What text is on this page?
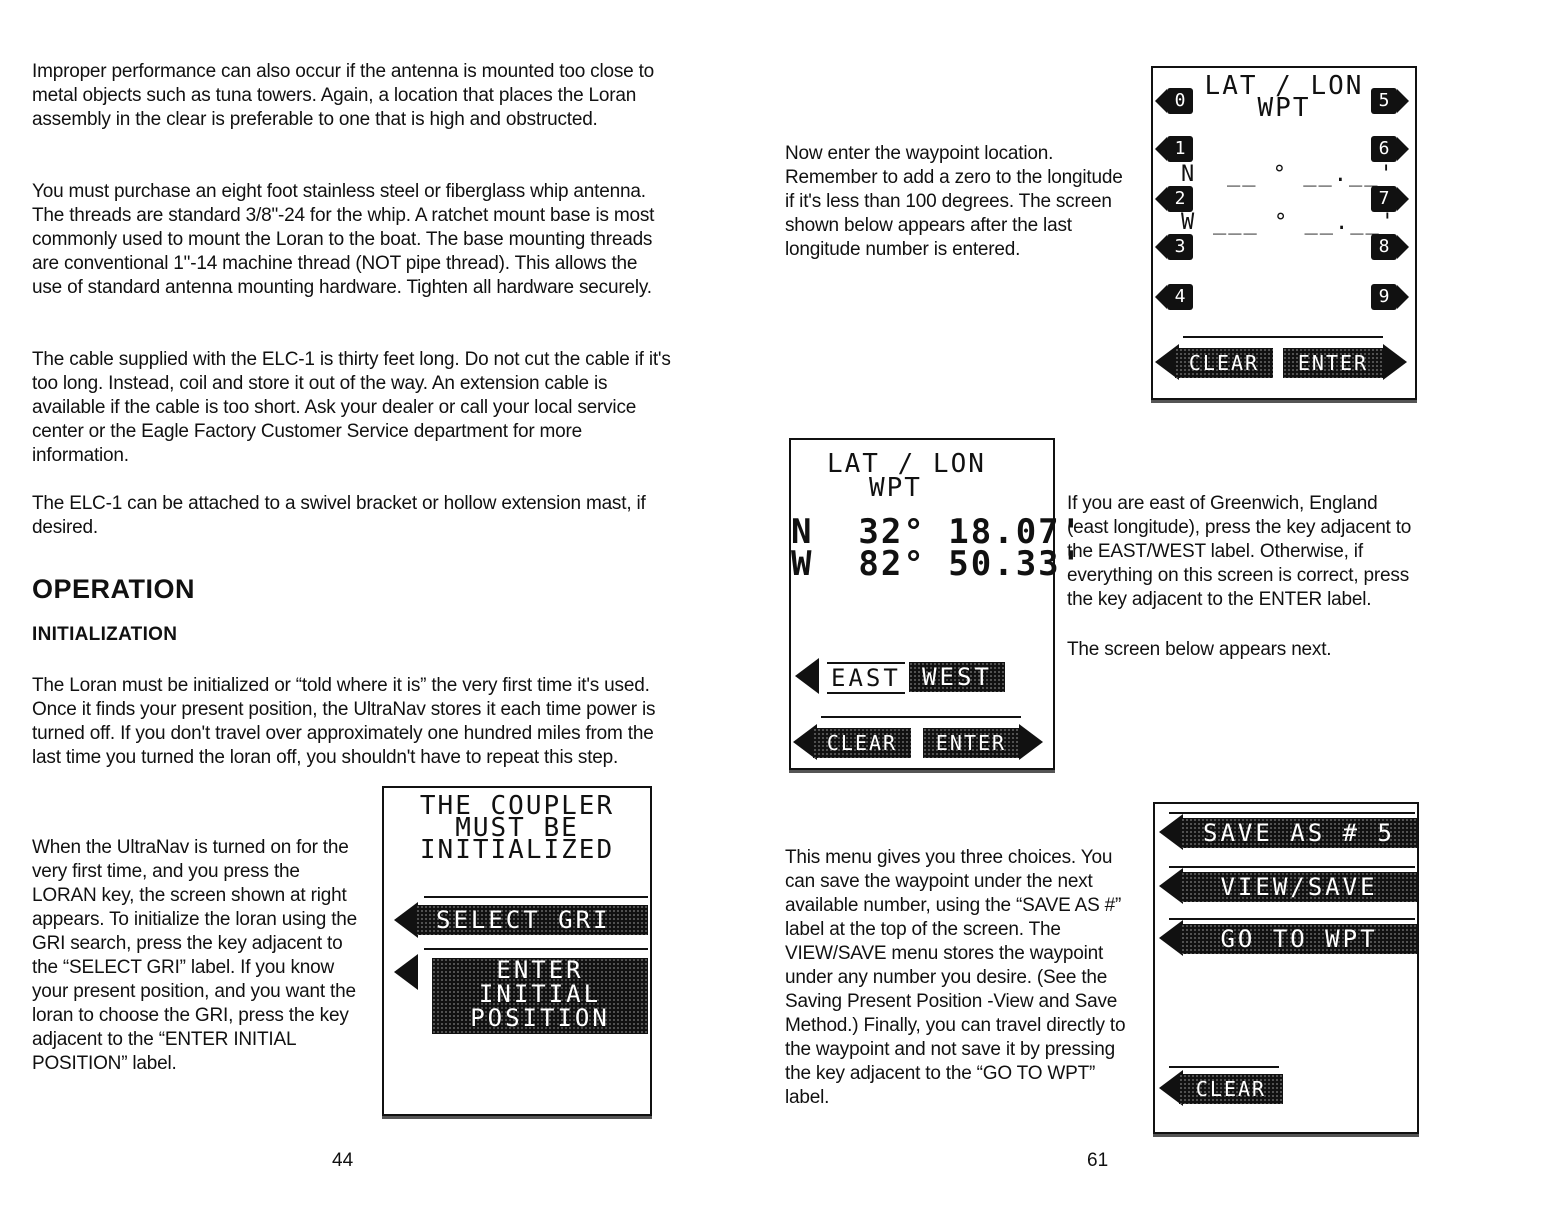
Improper performance can also occur if the antenna is mounted too close to metal objects such as tuna towers. Again, a location that places the Loran assembly in the clear is preferable to one that is high and obstructed.

You must purchase an eight foot stainless steel or fiberglass whip antenna. The threads are standard 3/8"-24 for the whip. A ratchet mount base is most commonly used to mount the Loran to the boat. The base mounting threads are conventional 1"-14 machine thread (NOT pipe thread). This allows the use of standard antenna mounting hardware. Tighten all hardware securely.

The cable supplied with the ELC-1 is thirty feet long. Do not cut the cable if it's too long. Instead, coil and store it out of the way. An extension cable is available if the cable is too short. Ask your dealer or call your local service center or the Eagle Factory Customer Service department for more information.

The ELC-1 can be attached to a swivel bracket or hollow extension mast, if desired.

OPERATION
INITIALIZATION

The Loran must be initialized or “told where it is” the very first time it's used. Once it finds your present position, the UltraNav stores it each time power is turned off. If you don't travel over approximately one hundred miles from the last time you turned the loran off, you shouldn't have to repeat this step.

When the UltraNav is turned on for the very first time, and you press the LORAN key, the screen shown at right appears. To initialize the loran using the GRI search, press the key adjacent to the “SELECT GRI” label. If you know your present position, and you want the loran to choose the GRI, press the key adjacent to the “ENTER INITIAL POSITION” label.

THE COUPLER
MUST BE
INITIALIZED
SELECT GRI
ENTER
INITIAL
POSITION
44

Now enter the waypoint location. Remember to add a zero to the longitude if it's less than 100 degrees. The screen shown below appears after the last longitude number is entered.

LAT / LON
WPT
0
1
2
3
4
5
6
7
8
9
N __ ° __.__'
W ___ ° __.__'
CLEAR	ENTER
LAT / LON
WPT
N  32° 18.07'
W  82° 50.33'
EAST WEST
CLEAR	ENTER

If you are east of Greenwich, England (east longitude), press the key adjacent to the EAST/WEST label. Otherwise, if everything on this screen is correct, press the key adjacent to the ENTER label.

The screen below appears next.

This menu gives you three choices. You can save the waypoint under the next available number, using the “SAVE AS #” label at the top of the screen. The VIEW/SAVE menu stores the waypoint under any number you desire. (See the Saving Present Position -View and Save Method.) Finally, you can travel directly to the waypoint and not save it by pressing the key adjacent to the “GO TO WPT” label.

SAVE AS # 5
VIEW/SAVE
GO TO WPT
CLEAR
61
